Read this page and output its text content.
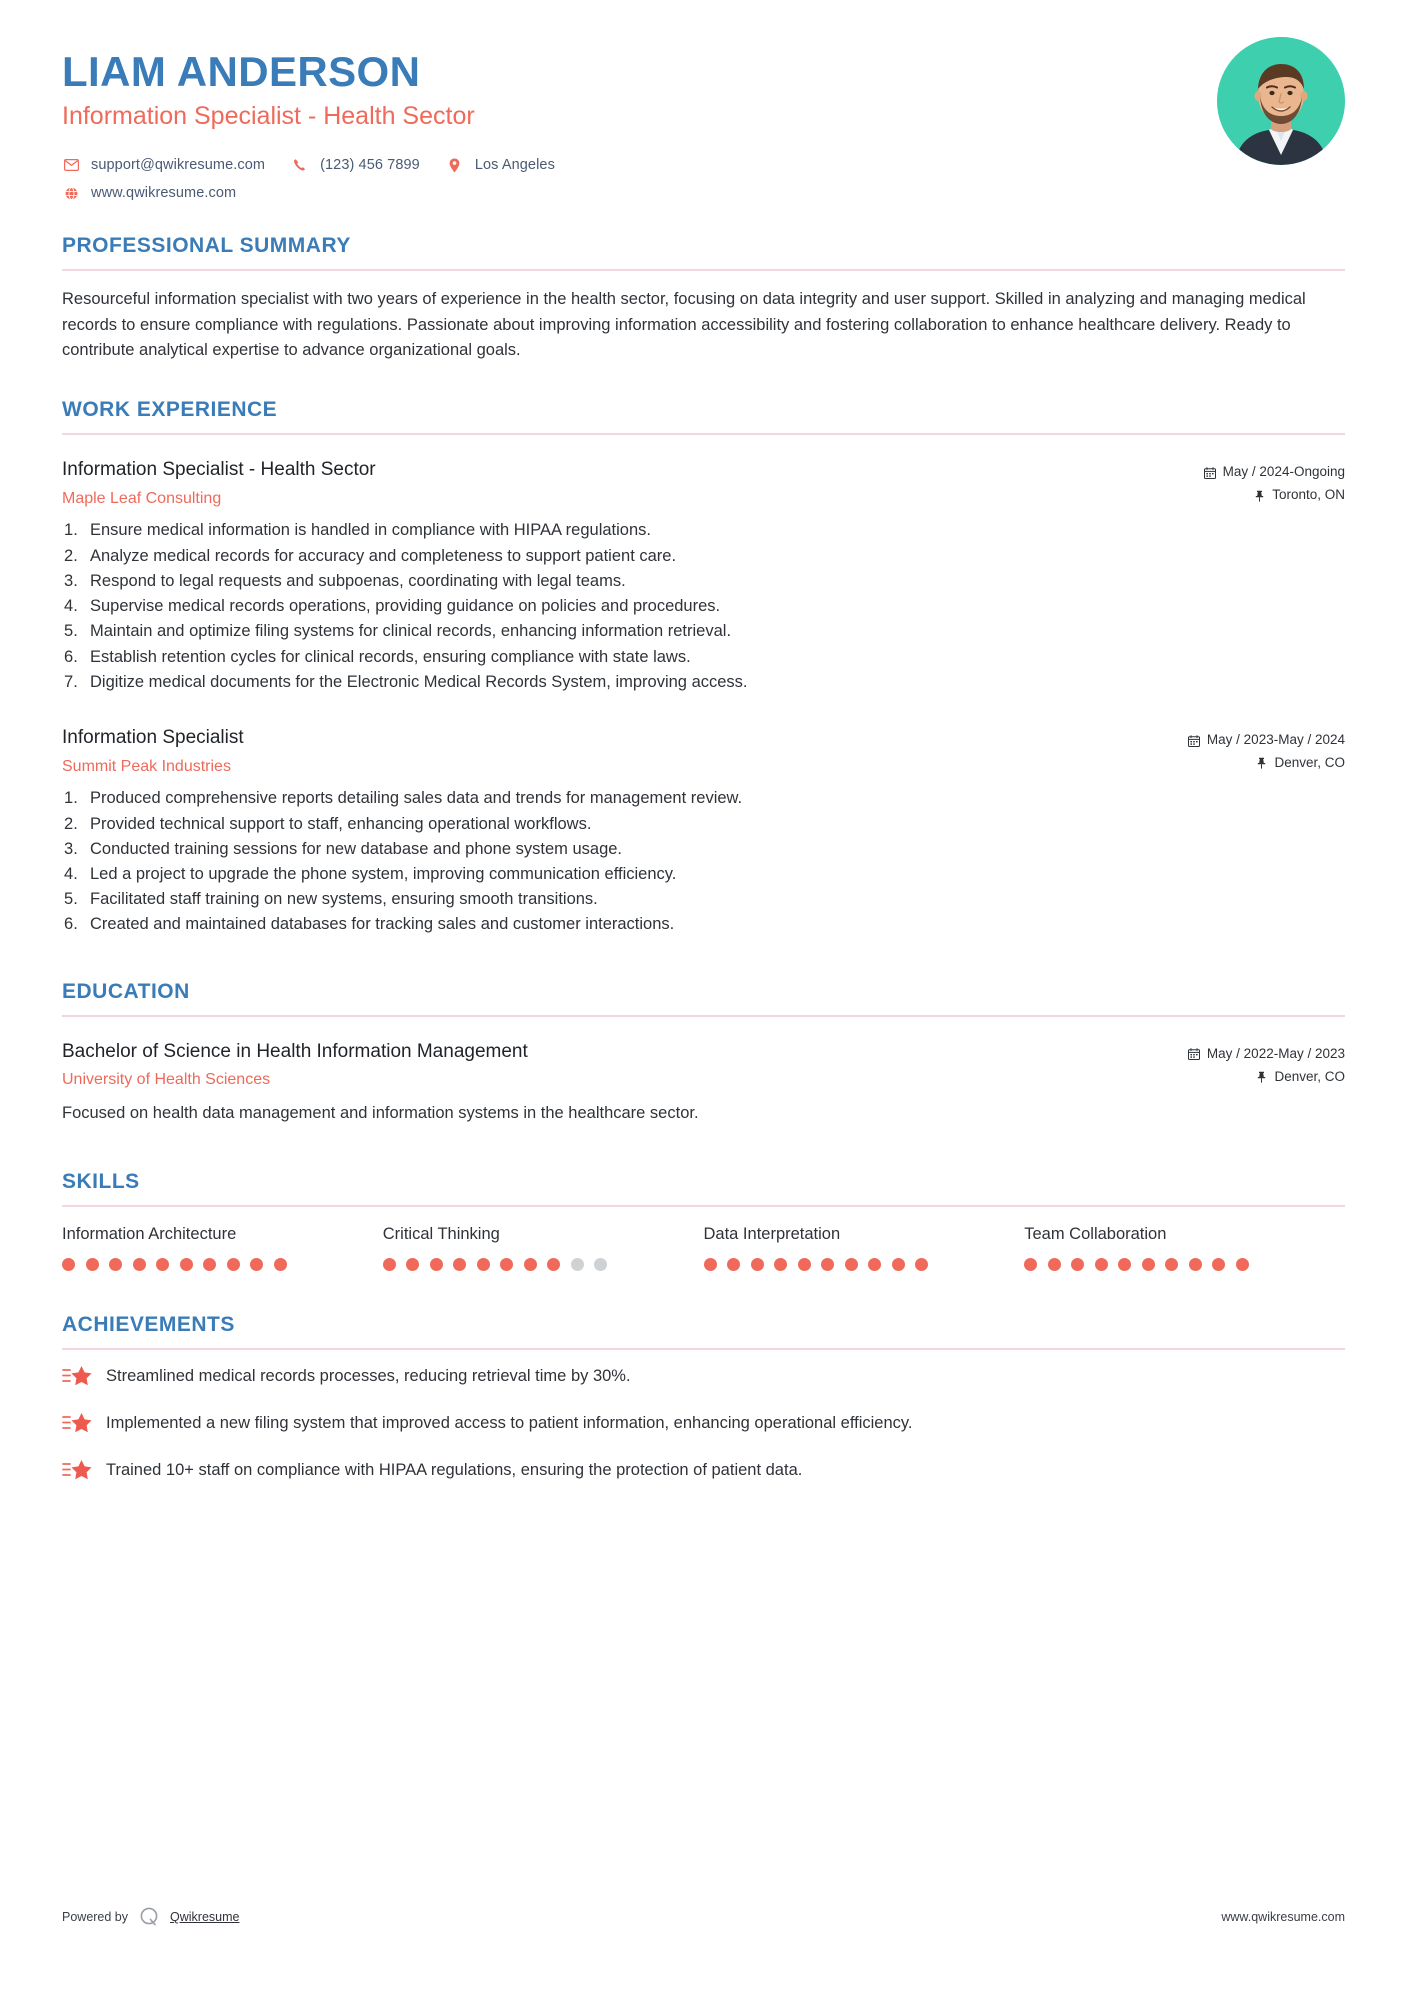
LIAM ANDERSON
Information Specialist - Health Sector
support@qwikresume.com	(123) 456 7899	Los Angeles
www.qwikresume.com
PROFESSIONAL SUMMARY
Resourceful information specialist with two years of experience in the health sector, focusing on data integrity and user support. Skilled in analyzing and managing medical records to ensure compliance with regulations. Passionate about improving information accessibility and fostering collaboration to enhance healthcare delivery. Ready to contribute analytical expertise to advance organizational goals.
WORK EXPERIENCE
Information Specialist - Health Sector
Maple Leaf Consulting
May / 2024-Ongoing
Toronto, ON
Ensure medical information is handled in compliance with HIPAA regulations.
Analyze medical records for accuracy and completeness to support patient care.
Respond to legal requests and subpoenas, coordinating with legal teams.
Supervise medical records operations, providing guidance on policies and procedures.
Maintain and optimize filing systems for clinical records, enhancing information retrieval.
Establish retention cycles for clinical records, ensuring compliance with state laws.
Digitize medical documents for the Electronic Medical Records System, improving access.
Information Specialist
Summit Peak Industries
May / 2023-May / 2024
Denver, CO
Produced comprehensive reports detailing sales data and trends for management review.
Provided technical support to staff, enhancing operational workflows.
Conducted training sessions for new database and phone system usage.
Led a project to upgrade the phone system, improving communication efficiency.
Facilitated staff training on new systems, ensuring smooth transitions.
Created and maintained databases for tracking sales and customer interactions.
EDUCATION
Bachelor of Science in Health Information Management
University of Health Sciences
May / 2022-May / 2023
Denver, CO
Focused on health data management and information systems in the healthcare sector.
SKILLS
Information Architecture	Critical Thinking	Data Interpretation	Team Collaboration
ACHIEVEMENTS
Streamlined medical records processes, reducing retrieval time by 30%.
Implemented a new filing system that improved access to patient information, enhancing operational efficiency.
Trained 10+ staff on compliance with HIPAA regulations, ensuring the protection of patient data.
Powered by	Qwikresume	www.qwikresume.com
